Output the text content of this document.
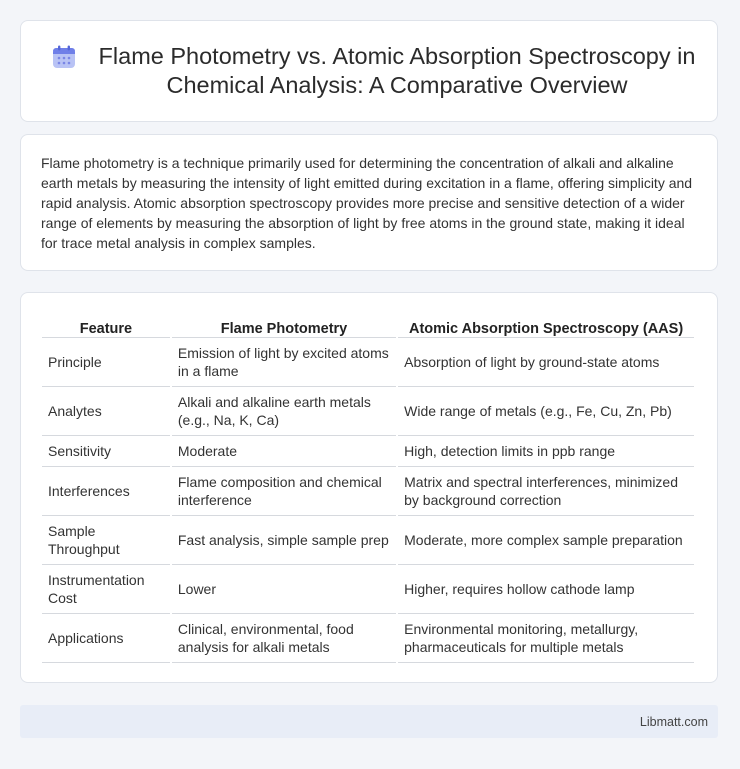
Flame Photometry vs. Atomic Absorption Spectroscopy in Chemical Analysis: A Comparative Overview

Flame photometry is a technique primarily used for determining the concentration of alkali and alkaline earth metals by measuring the intensity of light emitted during excitation in a flame, offering simplicity and rapid analysis. Atomic absorption spectroscopy provides more precise and sensitive detection of a wider range of elements by measuring the absorption of light by free atoms in the ground state, making it ideal for trace metal analysis in complex samples.

Feature	Flame Photometry	Atomic Absorption Spectroscopy (AAS)
Principle	Emission of light by excited atoms in a flame	Absorption of light by ground-state atoms
Analytes	Alkali and alkaline earth metals (e.g., Na, K, Ca)	Wide range of metals (e.g., Fe, Cu, Zn, Pb)
Sensitivity	Moderate	High, detection limits in ppb range
Interferences	Flame composition and chemical interference	Matrix and spectral interferences, minimized by background correction
Sample Throughput	Fast analysis, simple sample prep	Moderate, more complex sample preparation
Instrumentation Cost	Lower	Higher, requires hollow cathode lamp
Applications	Clinical, environmental, food analysis for alkali metals	Environmental monitoring, metallurgy, pharmaceuticals for multiple metals
Libmatt.com
